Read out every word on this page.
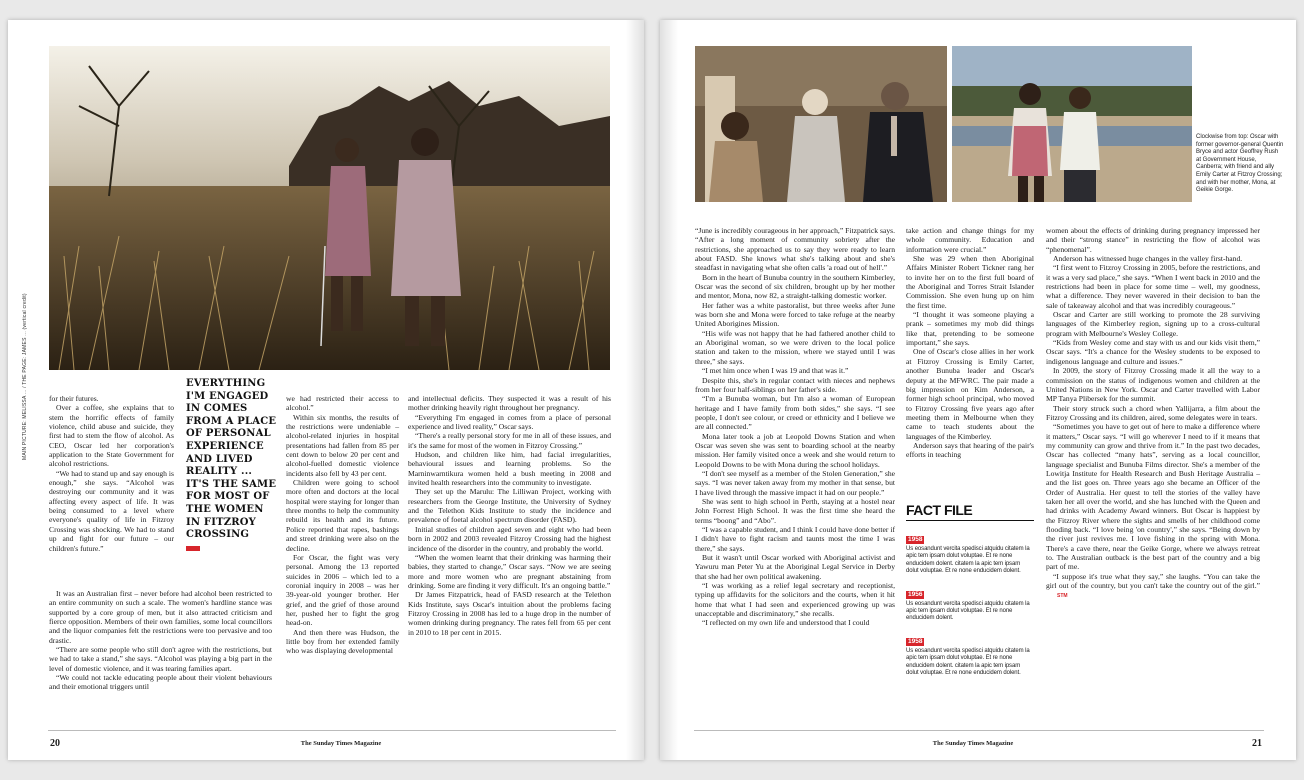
MAIN PICTURE: MELISSA ... / THE PAGE: JAMES ... (vertical credit)	for their futures.

Over a coffee, she explains that to stem the horrific effects of family violence, child abuse and suicide, they first had to stem the flow of alcohol. As CEO, Oscar led her corporation's application to the State Government for alcohol restrictions.

“We had to stand up and say enough is enough,” she says. “Alcohol was destroying our community and it was affecting every aspect of life. It was being consumed to a level where everyone's quality of life in Fitzroy Crossing was shocking. We had to stand up and fight for our future – our children's future.”

It was an Australian first – never before had alcohol been restricted to an entire community on such a scale. The women's hardline stance was supported by a core group of men, but it also attracted criticism and fierce opposition. Members of their own families, some local councillors and the liquor companies felt the restrictions were too pervasive and too drastic.

“There are some people who still don't agree with the restrictions, but we had to take a stand,” she says. “Alcohol was playing a big part in the level of domestic violence, and it was tearing families apart.

“We could not tackle educating people about their violent behaviours and their emotional triggers until

EVERYTHING I'M ENGAGED IN COMES FROM A PLACE OF PERSONAL EXPERIENCE AND LIVED REALITY ... IT'S THE SAME FOR MOST OF THE WOMEN IN FITZROY CROSSING

we had restricted their access to alcohol.”

Within six months, the results of the restrictions were undeniable – alcohol-related injuries in hospital presentations had fallen from 85 per cent down to below 20 per cent and alcohol-fuelled domestic violence incidents also fell by 43 per cent.

Children were going to school more often and doctors at the local hospital were staying for longer than three months to help the community rebuild its health and its future. Police reported that rapes, bashings and street drinking were also on the decline.

For Oscar, the fight was very personal. Among the 13 reported suicides in 2006 – which led to a coronial inquiry in 2008 – was her 39-year-old younger brother. Her grief, and the grief of those around her, pushed her to fight the grog head-on.

And then there was Hudson, the little boy from her extended family who was displaying developmental

and intellectual deficits. They suspected it was a result of his mother drinking heavily right throughout her pregnancy.

“Everything I'm engaged in comes from a place of personal experience and lived reality,” Oscar says.

“There's a really personal story for me in all of these issues, and it's the same for most of the women in Fitzroy Crossing.”

Hudson, and children like him, had facial irregularities, behavioural issues and learning problems. So the Marninwarntikura women held a bush meeting in 2008 and invited health researchers into the community to investigate.

They set up the Marulu: The Lilliwan Project, working with researchers from the George Institute, the University of Sydney and the Telethon Kids Institute to study the incidence and prevalence of foetal alcohol spectrum disorder (FASD).

Initial studies of children aged seven and eight who had been born in 2002 and 2003 revealed Fitzroy Crossing had the highest incidence of the disorder in the country, and probably the world.

“When the women learnt that their drinking was harming their babies, they started to change,” Oscar says. “Now we are seeing more and more women who are pregnant abstaining from drinking. Some are finding it very difficult. It's an ongoing battle.”

Dr James Fitzpatrick, head of FASD research at the Telethon Kids Institute, says Oscar's intuition about the problems facing Fitzroy Crossing in 2008 has led to a huge drop in the number of women drinking during pregnancy. The rates fell from 65 per cent in 2010 to 18 per cent in 2015.

20	The Sunday Times Magazine
Clockwise from top: Oscar with former governor-general Quentin Bryce and actor Geoffrey Rush at Government House, Canberra; with friend and ally Emily Carter at Fitzroy Crossing; and with her mother, Mona, at Geikie Gorge.

“June is incredibly courageous in her approach,” Fitzpatrick says. “After a long moment of community sobriety after the restrictions, she approached us to say they were ready to learn about FASD. She knows what she's talking about and she's steadfast in navigating what she often calls 'a road out of hell'.”

Born in the heart of Bunuba country in the southern Kimberley, Oscar was the second of six children, brought up by her mother and mentor, Mona, now 82, a straight-talking domestic worker.

Her father was a white pastoralist, but three weeks after June was born she and Mona were forced to take refuge at the nearby United Aborigines Mission.

“His wife was not happy that he had fathered another child to an Aboriginal woman, so we were driven to the local police station and taken to the mission, where we stayed until I was three,” she says.

“I met him once when I was 19 and that was it.”

Despite this, she's in regular contact with nieces and nephews from her four half-siblings on her father's side.

“I'm a Bunuba woman, but I'm also a woman of European heritage and I have family from both sides,” she says. “I see people, I don't see colour, or creed or ethnicity and I believe we are all connected.”

Mona later took a job at Leopold Downs Station and when Oscar was seven she was sent to boarding school at the nearby mission. Her family visited once a week and she would return to Leopold Downs to be with Mona during the school holidays.

“I don't see myself as a member of the Stolen Generation,” she says. “I was never taken away from my mother in that sense, but I have lived through the massive impact it had on our people.”

She was sent to high school in Perth, staying at a hostel near John Forrest High School. It was the first time she heard the terms “boong” and “Abo”.

“I was a capable student, and I think I could have done better if I didn't have to fight racism and taunts most the time I was there,” she says.

But it wasn't until Oscar worked with Aboriginal activist and Yawuru man Peter Yu at the Aboriginal Legal Service in Derby that she had her own political awakening.

“I was working as a relief legal secretary and receptionist, typing up affidavits for the solicitors and the courts, when it hit home that what I had seen and experienced growing up was unacceptable and discriminatory,” she recalls.

“I reflected on my own life and understood that I could

take action and change things for my whole community. Education and information were crucial.”

She was 29 when then Aboriginal Affairs Minister Robert Tickner rang her to invite her on to the first full board of the Aboriginal and Torres Strait Islander Commission. She even hung up on him the first time.

“I thought it was someone playing a prank – sometimes my mob did things like that, pretending to be someone important,” she says.

One of Oscar's close allies in her work at Fitzroy Crossing is Emily Carter, another Bunuba leader and Oscar's deputy at the MFWRC. The pair made a big impression on Kim Anderson, a former high school principal, who moved to Fitzroy Crossing five years ago after meeting them in Melbourne when they came to teach students about the languages of the Kimberley.

Anderson says that hearing of the pair's efforts in teaching

FACT FILE
1958
Us eosandunt vercita spedisci atquidu citatem la apic tem ipsam dolut voluptae. Et re none enducidem dolent. citatem la apic tem ipsam dolut voluptae. Et re none enducidem dolent.
1956
Us eosandunt vercita spedisci atquidu citatem la apic tem ipsam dolut voluptae. Et re none enducidem dolent.
1958
Us eosandunt vercita spedisci atquidu citatem la apic tem ipsam dolut voluptae. Et re none enducidem dolent. citatem la apic tem ipsam dolut voluptae. Et re none enducidem dolent.

women about the effects of drinking during pregnancy impressed her and their “strong stance” in restricting the flow of alcohol was “phenomenal”.

Anderson has witnessed huge changes in the valley first-hand.

“I first went to Fitzroy Crossing in 2005, before the restrictions, and it was a very sad place,” she says. “When I went back in 2010 and the restrictions had been in place for some time – well, my goodness, what a difference. They never wavered in their decision to ban the sale of takeaway alcohol and that was incredibly courageous.”

Oscar and Carter are still working to promote the 28 surviving languages of the Kimberley region, signing up to a cross-cultural program with Melbourne's Wesley College.

“Kids from Wesley come and stay with us and our kids visit them,” Oscar says. “It's a chance for the Wesley students to be exposed to indigenous language and culture and issues.”

In 2009, the story of Fitzroy Crossing made it all the way to a commission on the status of indigenous women and children at the United Nations in New York. Oscar and Carter travelled with Labor MP Tanya Plibersek for the summit.

Their story struck such a chord when Yallijarra, a film about the Fitzroy Crossing and its children, aired, some delegates were in tears.

“Sometimes you have to get out of here to make a difference where it matters,” Oscar says. “I will go wherever I need to if it means that my community can grow and thrive from it.” In the past two decades, Oscar has collected “many hats”, serving as a local councillor, language specialist and Bunuba Films director. She's a member of the Lowitja Institute for Health Research and Bush Heritage Australia – and the list goes on. Three years ago she became an Officer of the Order of Australia. Her quest to tell the stories of the valley have taken her all over the world, and she has lunched with the Queen and had drinks with Academy Award winners. But Oscar is happiest by the Fitzroy River where the sights and smells of her childhood come flooding back. “I love being 'on country',” she says. “Being down by the river just revives me. I love fishing in the spring with Mona. There's a cave there, near the Geike Gorge, where we always retreat to. The Australian outback is the best part of the country and a big part of me.

“I suppose it's true what they say,” she laughs. “You can take the girl out of the country, but you can't take the country out of the girl.”STM

The Sunday Times Magazine	21
